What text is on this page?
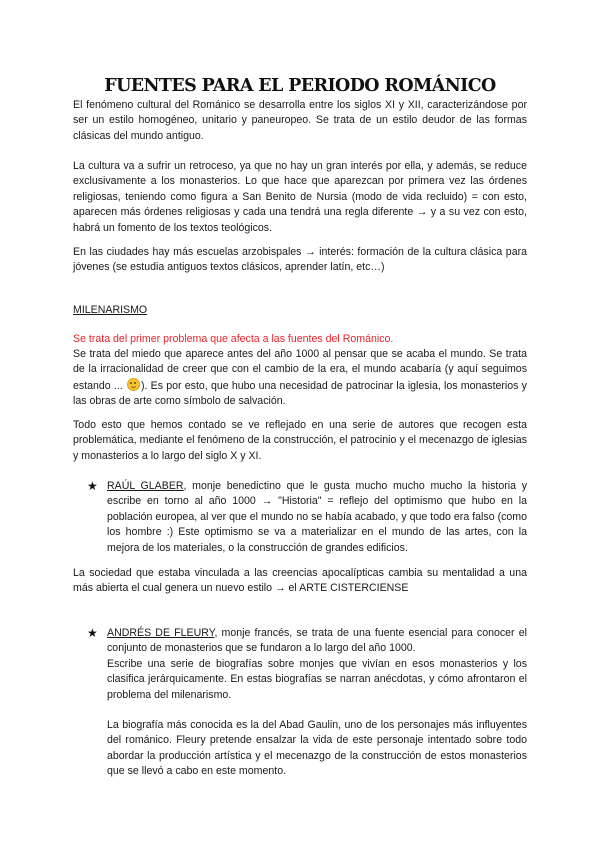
FUENTES PARA EL PERIODO ROMÁNICO

El fenómeno cultural del Románico se desarrolla entre los siglos XI y XII, caracterizándose por ser un estilo homogéneo, unitario y paneuropeo. Se trata de un estilo deudor de las formas clásicas del mundo antiguo.

La cultura va a sufrir un retroceso, ya que no hay un gran interés por ella, y además, se reduce exclusivamente a los monasterios. Lo que hace que aparezcan por primera vez las órdenes religiosas, teniendo como figura a San Benito de Nursia (modo de vida recluido) = con esto, aparecen más órdenes religiosas y cada una tendrá una regla diferente → y a su vez con esto, habrá un fomento de los textos teológicos.

En las ciudades hay más escuelas arzobispales → interés: formación de la cultura clásica para jóvenes (se estudia antiguos textos clásicos, aprender latín, etc…)

MILENARISMO
Se trata del primer problema que afecta a las fuentes del Románico.

Se trata del miedo que aparece antes del año 1000 al pensar que se acaba el mundo. Se trata de la irracionalidad de creer que con el cambio de la era, el mundo acabaría (y aquí seguimos estando ... ). Es por esto, que hubo una necesidad de patrocinar la iglesia, los monasterios y las obras de arte como símbolo de salvación.

Todo esto que hemos contado se ve reflejado en una serie de autores que recogen esta problemática, mediante el fenómeno de la construcción, el patrocinio y el mecenazgo de iglesias y monasterios a lo largo del siglo X y XI.

★ RAÚL GLABER, monje benedictino que le gusta mucho mucho mucho la historia y escribe en torno al año 1000 → "Historia" = reflejo del optimismo que hubo en la población europea, al ver que el mundo no se había acabado, y que todo era falso (como los hombre :) Este optimismo se va a materializar en el mundo de las artes, con la mejora de los materiales, o la construcción de grandes edificios.

La sociedad que estaba vinculada a las creencias apocalípticas cambia su mentalidad a una más abierta el cual genera un nuevo estilo → el ARTE CISTERCIENSE

★ ANDRÉS DE FLEURY, monje francés, se trata de una fuente esencial para conocer el conjunto de monasterios que se fundaron a lo largo del año 1000.
Escribe una serie de biografías sobre monjes que vivían en esos monasterios y los clasifica jerárquicamente. En estas biografías se narran anécdotas, y cómo afrontaron el problema del milenarismo.
La biografía más conocida es la del Abad Gaulin, uno de los personajes más influyentes del románico. Fleury pretende ensalzar la vida de este personaje intentado sobre todo abordar la producción artística y el mecenazgo de la construcción de estos monasterios que se llevó a cabo en este momento.
